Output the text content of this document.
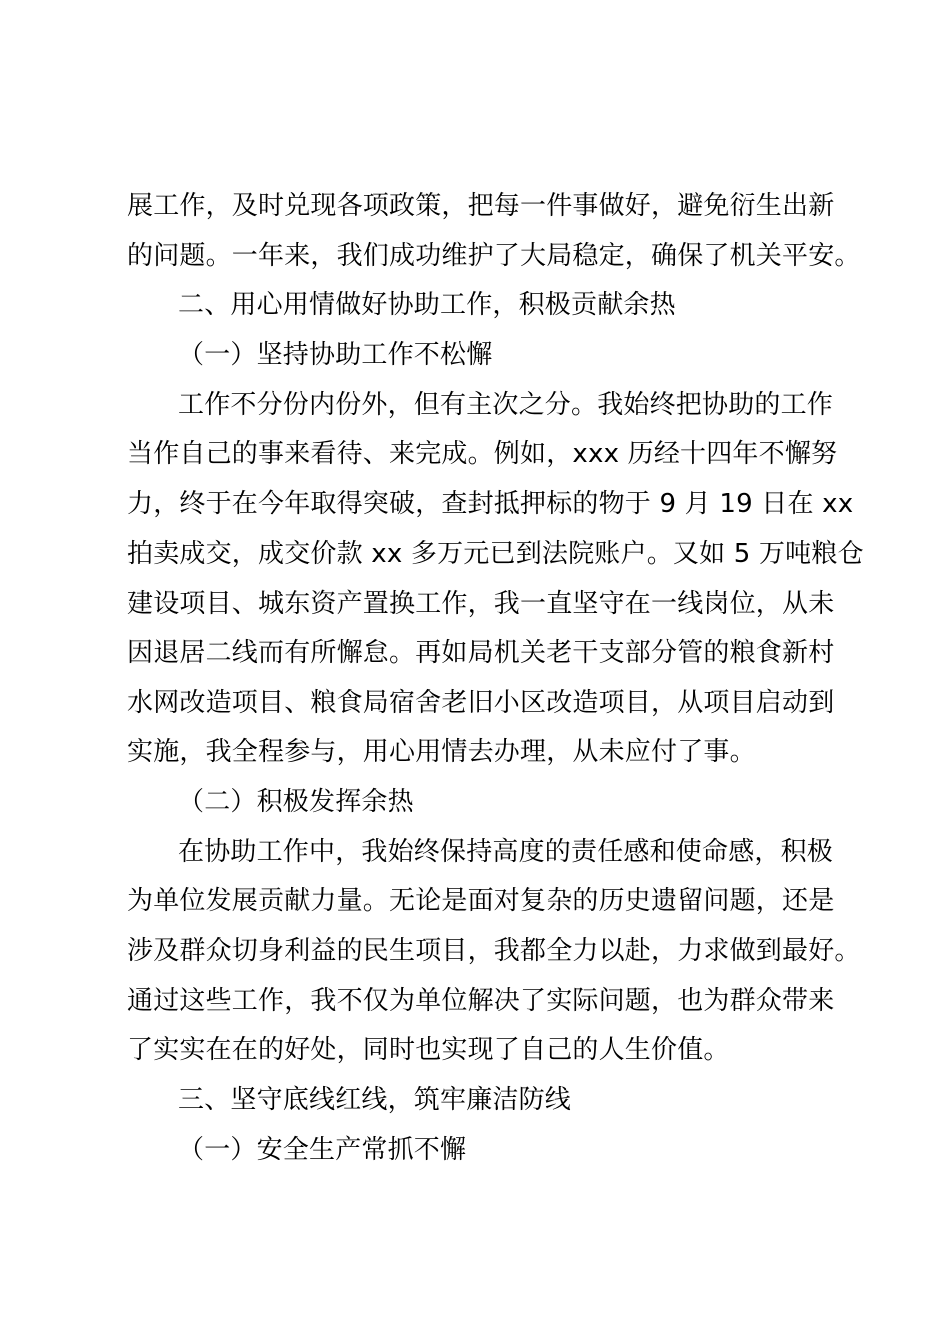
展工作，及时兑现各项政策，把每一件事做好，避免衍生出新
的问题。一年来，我们成功维护了大局稳定，确保了机关平安。
二、用心用情做好协助工作，积极贡献余热
（一）坚持协助工作不松懈
工作不分份内份外，但有主次之分。我始终把协助的工作
当作自己的事来看待、来完成。例如，xxx 历经十四年不懈努
力，终于在今年取得突破，查封抵押标的物于 9 月 19 日在 xx
拍卖成交，成交价款 xx 多万元已到法院账户。又如 5 万吨粮仓
建设项目、城东资产置换工作，我一直坚守在一线岗位，从未
因退居二线而有所懈怠。再如局机关老干支部分管的粮食新村
水网改造项目、粮食局宿舍老旧小区改造项目，从项目启动到
实施，我全程参与，用心用情去办理，从未应付了事。
（二）积极发挥余热
在协助工作中，我始终保持高度的责任感和使命感，积极
为单位发展贡献力量。无论是面对复杂的历史遗留问题，还是
涉及群众切身利益的民生项目，我都全力以赴，力求做到最好。
通过这些工作，我不仅为单位解决了实际问题，也为群众带来
了实实在在的好处，同时也实现了自己的人生价值。
三、坚守底线红线，筑牢廉洁防线
（一）安全生产常抓不懈
